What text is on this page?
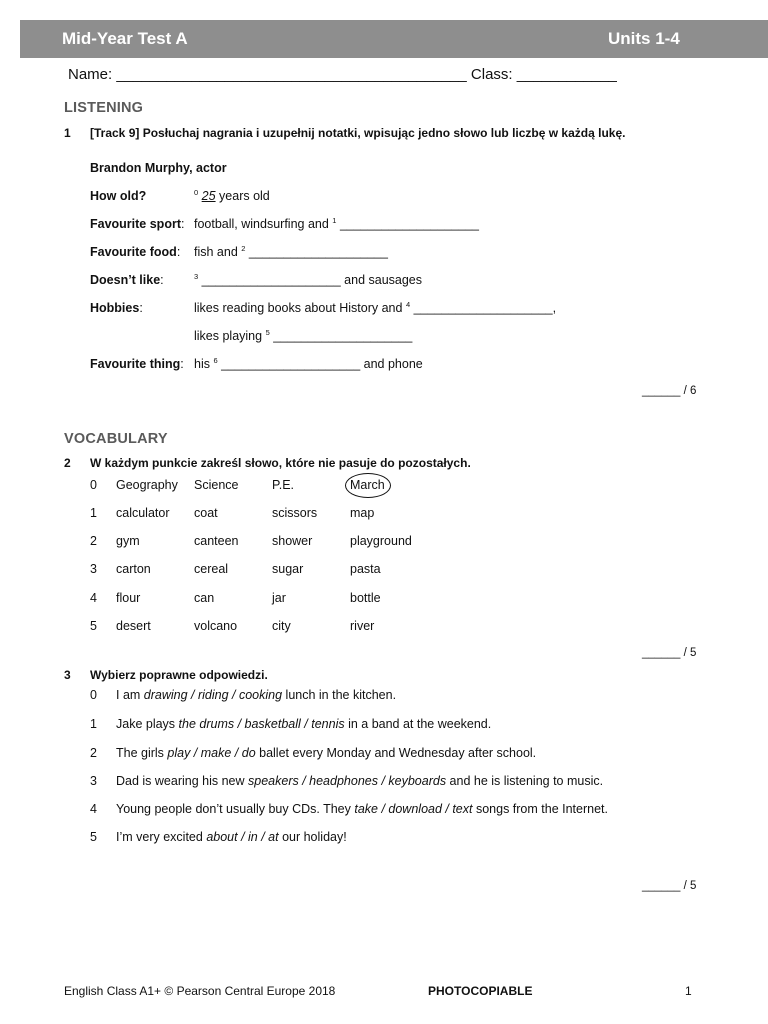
Mid-Year Test A	Units 1-4
Name: __________________________________________ Class: ____________
LISTENING
1 [Track 9] Posłuchaj nagrania i uzupełnij notatki, wpisując jedno słowo lub liczbę w każdą lukę.
Brandon Murphy, actor
How old?	$^0$ 25 years old
Favourite sport: football, windsurfing and $^1$ ____________________
Favourite food: fish and $^2$ ____________________
Doesn’t like:	$^3$ ____________________ and sausages
Hobbies:	likes reading books about History and $^4$ ____________________,
likes playing $^5$ ____________________
Favourite thing: his $^6$ ____________________ and phone
______ / 6
VOCABULARY
2 W każdym punkcie zakreśl słowo, które nie pasuje do pozostałych.
0 Geography Science	P.E.	March
1 calculator coat	scissors	map
2 gym	canteen	shower	playground
3 carton	cereal	sugar	pasta
4 flour	can	jar	bottle
5 desert	volcano	city	river
______ / 5
3 Wybierz poprawne odpowiedzi.
0 I am drawing / riding / cooking lunch in the kitchen.
1 Jake plays the drums / basketball / tennis in a band at the weekend.
2 The girls play / make / do ballet every Monday and Wednesday after school.
3 Dad is wearing his new speakers / headphones / keyboards and he is listening to music.
4 Young people don’t usually buy CDs. They take / download / text songs from the Internet.
5 I’m very excited about / in / at our holiday!
______ / 5
English Class A1+ © Pearson Central Europe 2018	PHOTOCOPIABLE	1
